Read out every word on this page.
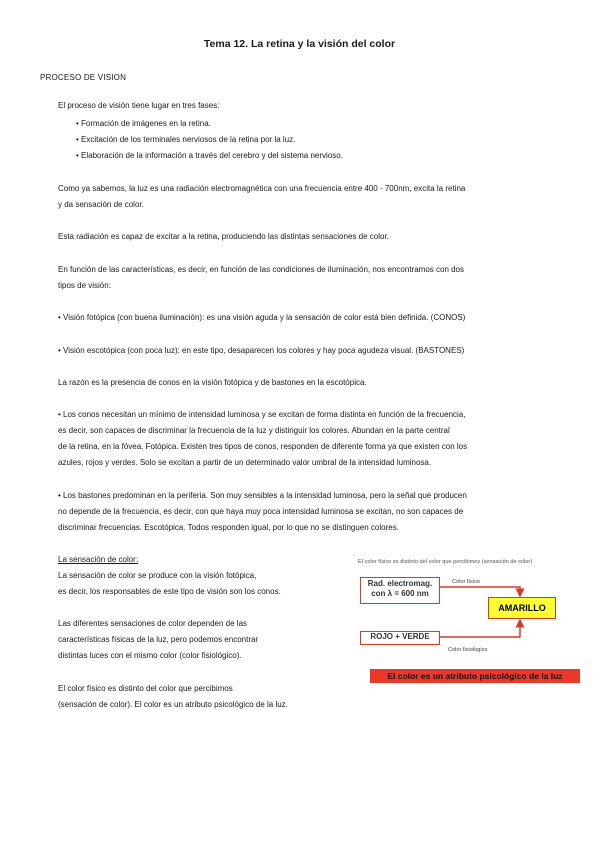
Tema 12. La retina y la visión del color
PROCESO DE VISION
El proceso de visión tiene lugar en tres fases:
• Formación de imágenes en la retina.
• Excitación de los terminales nerviosos de la retina por la luz.
• Elaboración de la información a través del cerebro y del sistema nervioso.
Como ya sabemos, la luz es una radiación electromagnética con una frecuencia entre 400 - 700nm, excita la retina
y da sensación de color.
Esta radiación es capaz de excitar a la retina, produciendo las distintas sensaciones de color.
En función de las características, es decir, en función de las condiciones de iluminación, nos encontramos con dos
tipos de visión:
• Visión fotópica (con buena iluminación): es una visión aguda y la sensación de color está bien definida. (CONOS)
• Visión escotópica (con poca luz): en este tipo, desaparecen los colores y hay poca agudeza visual. (BASTONES)
La razón es la presencia de conos en la visión fotópica y de bastones en la escotópica.
• Los conos necesitan un mínimo de intensidad luminosa y se excitan de forma distinta en función de la frecuencia,
es decir, son capaces de discriminar la frecuencia de la luz y distinguir los colores. Abundan en la parte central
de la retina, en la fóvea. Fotópica. Existen tres tipos de conos, responden de diferente forma ya que existen con los
azules, rojos y verdes. Solo se excitan a partir de un determinado valor umbral de la intensidad luminosa.
• Los bastones predominan en la periferia. Son muy sensibles a la intensidad luminosa, pero la señal que producen
no depende de la frecuencia, es decir, con que haya muy poca intensidad luminosa se excitan, no son capaces de
discriminar frecuencias. Escotópica. Todos responden igual, por lo que no se distinguen colores.
La sensación de color:
La sensación de color se produce con la visión fotópica,
es decir, los responsables de este tipo de visión son los conos.
Las diferentes sensaciones de color dependen de las
características físicas de la luz, pero podemos encontrar
distintas luces con el mismo color (color fisiológico).
El color físico es distinto del color que percibimos
(sensación de color). El color es un atributo psicológico de la luz.
El color físico es distinto del color que percibimos (sensación de color)
Rad. electromag.
con λ = 600 nm
Color físico
AMARILLO
ROJO + VERDE
Color fisiológico
El color es un atributo psicológico de la luz
